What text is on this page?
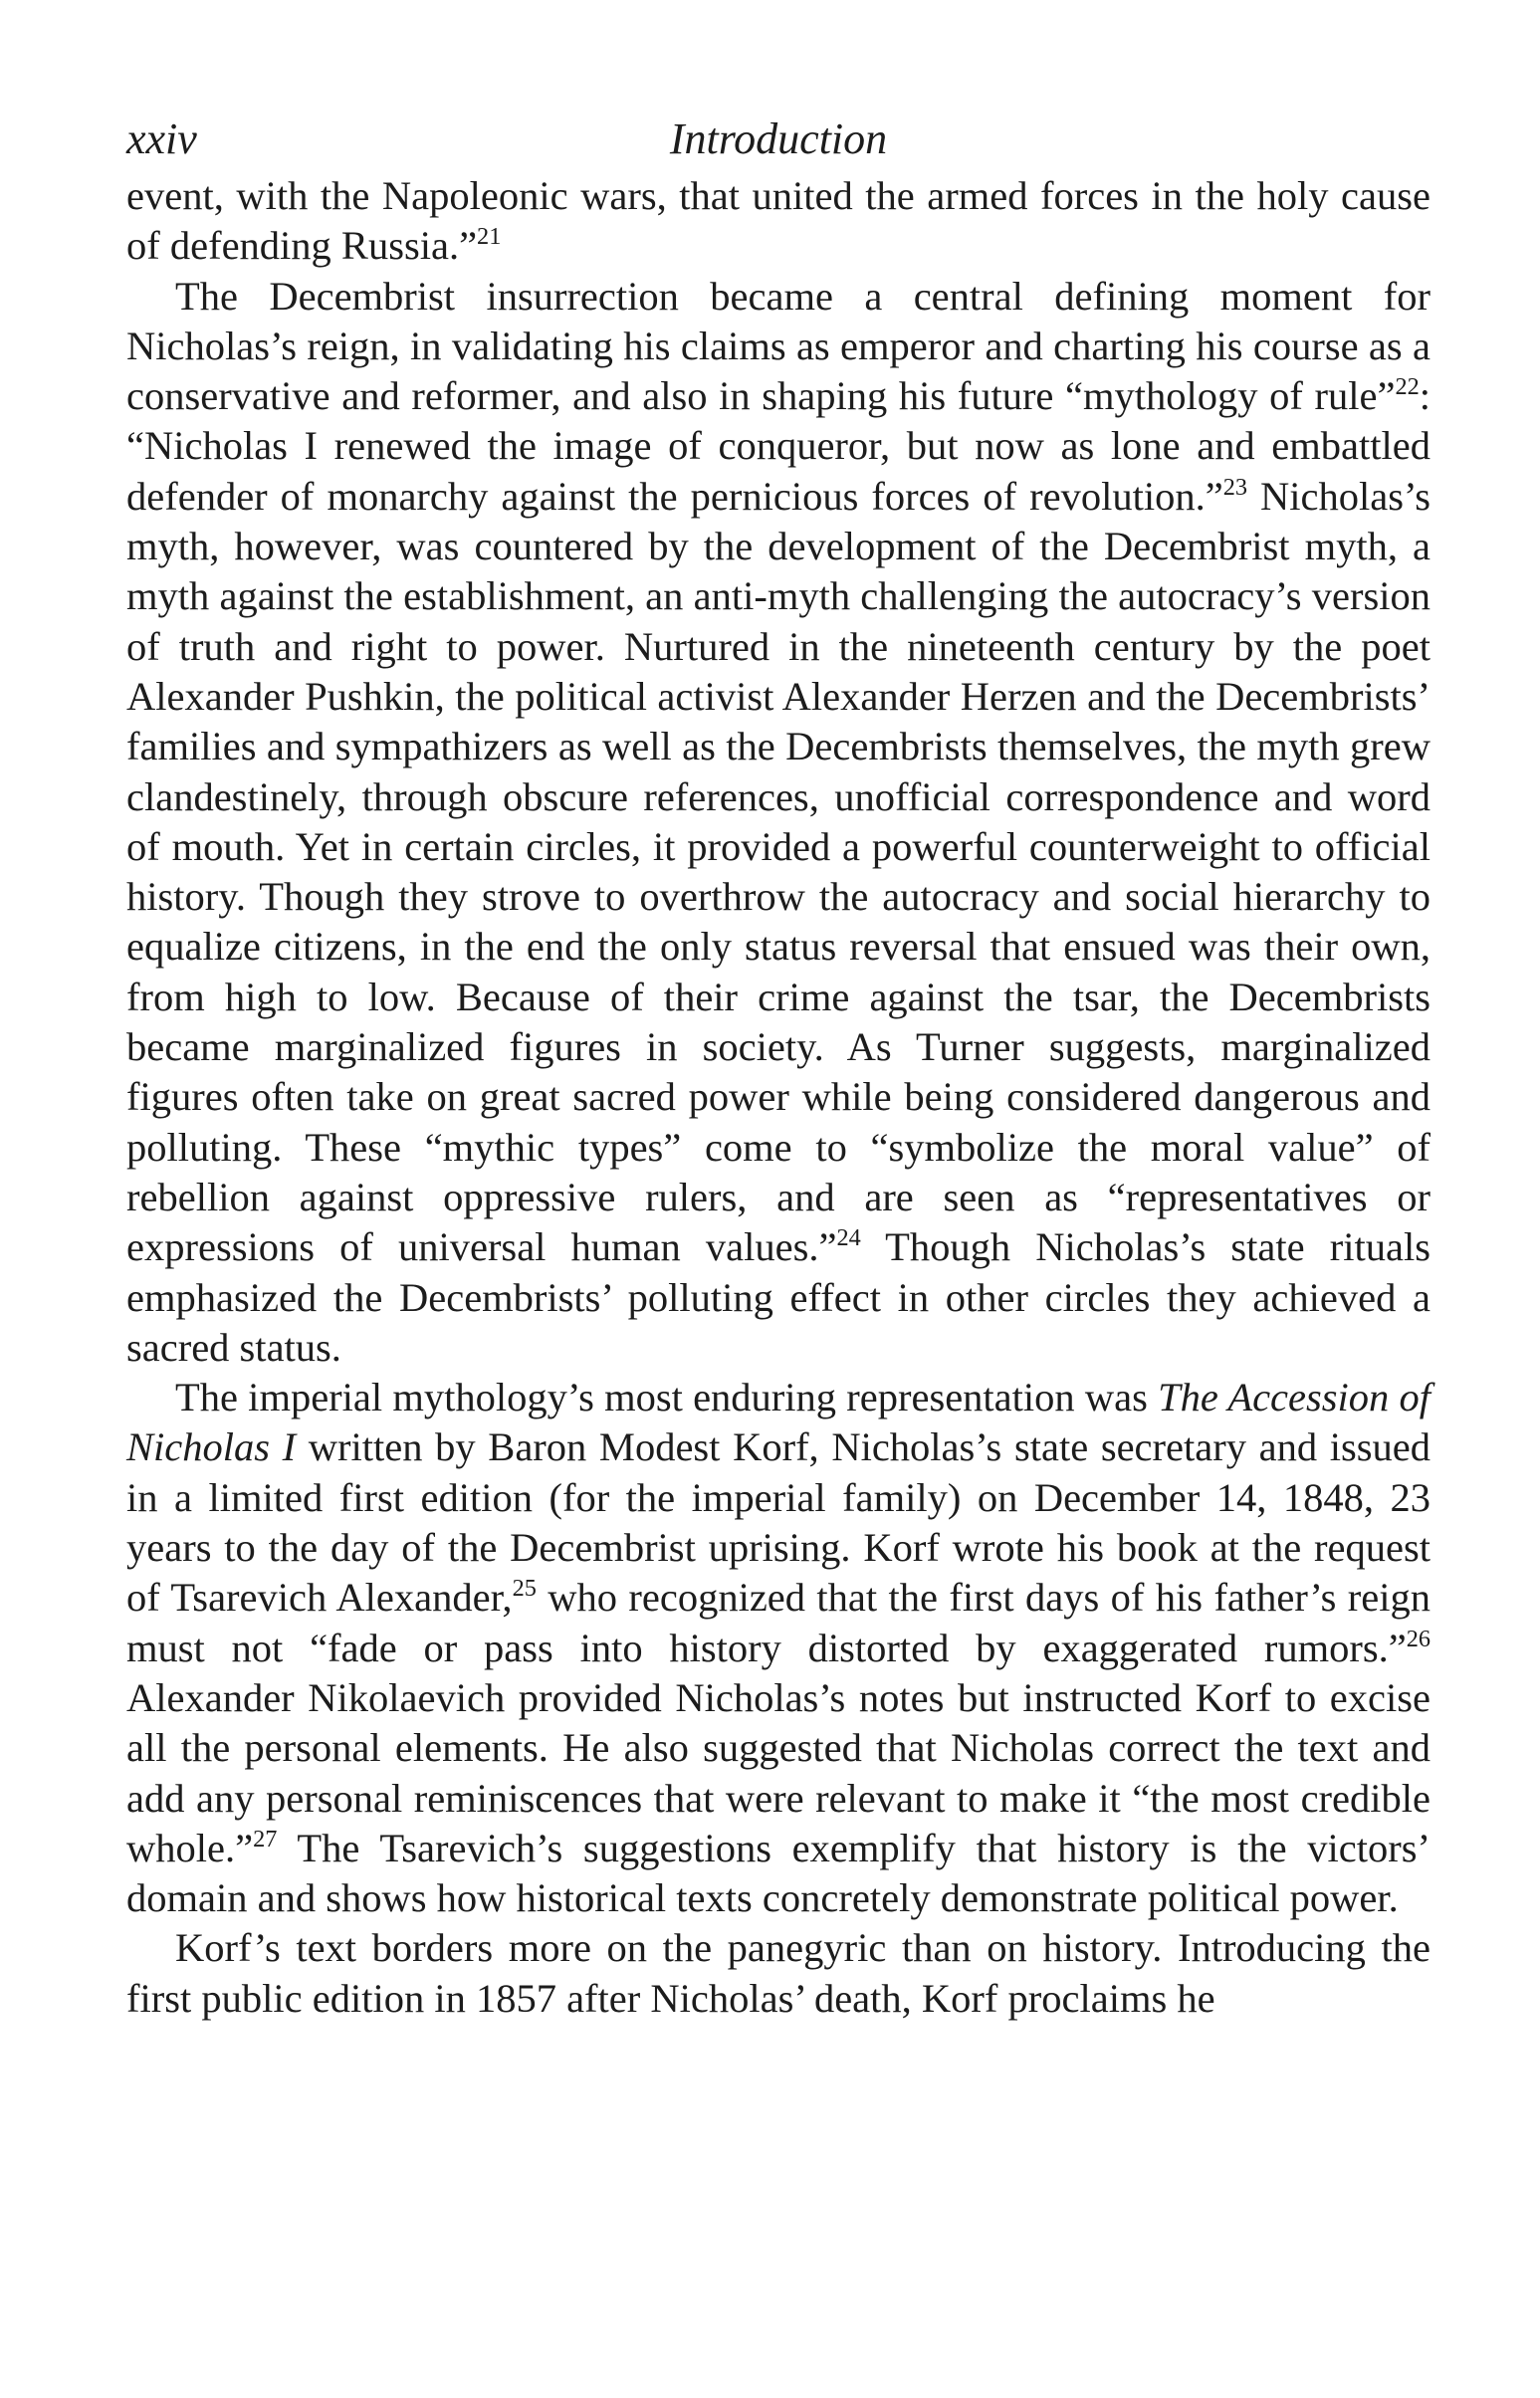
xxiv	Introduction

event, with the Napoleonic wars, that united the armed forces in the holy cause of defending Russia.”$^{21}$

The Decembrist insurrection became a central defining moment for Nicholas’s reign, in validating his claims as emperor and charting his course as a conservative and reformer, and also in shaping his future “mythology of rule”$^{22}$: “Nicholas I renewed the image of conqueror, but now as lone and embattled defender of monarchy against the pernicious forces of revolution.”$^{23}$ Nicholas’s myth, however, was countered by the development of the Decembrist myth, a myth against the establishment, an anti-myth challenging the autocracy’s version of truth and right to power. Nurtured in the nineteenth century by the poet Alexander Pushkin, the political activist Alexander Herzen and the Decembrists’ families and sympathizers as well as the Decembrists themselves, the myth grew clandestinely, through obscure references, unofficial correspondence and word of mouth. Yet in certain circles, it provided a powerful counterweight to official history. Though they strove to overthrow the autocracy and social hierarchy to equalize citizens, in the end the only status reversal that ensued was their own, from high to low. Because of their crime against the tsar, the Decembrists became marginalized figures in society. As Turner suggests, marginalized figures often take on great sacred power while being considered dangerous and polluting. These “mythic types” come to “symbolize the moral value” of rebellion against oppressive rulers, and are seen as “representatives or expressions of universal human values.”$^{24}$ Though Nicholas’s state rituals emphasized the Decembrists’ polluting effect in other circles they achieved a sacred status.

The imperial mythology’s most enduring representation was The Accession of Nicholas I written by Baron Modest Korf, Nicholas’s state secretary and issued in a limited first edition (for the imperial family) on December 14, 1848, 23 years to the day of the Decembrist uprising. Korf wrote his book at the request of Tsarevich Alexander,$^{25}$ who recognized that the first days of his father’s reign must not “fade or pass into history distorted by exaggerated rumors.”$^{26}$ Alexander Nikolaevich provided Nicholas’s notes but instructed Korf to excise all the personal elements. He also suggested that Nicholas correct the text and add any personal reminiscences that were relevant to make it “the most credible whole.”$^{27}$ The Tsarevich’s suggestions exemplify that history is the victors’ domain and shows how historical texts concretely demonstrate political power.

Korf’s text borders more on the panegyric than on history. Introducing the first public edition in 1857 after Nicholas’ death, Korf proclaims he
